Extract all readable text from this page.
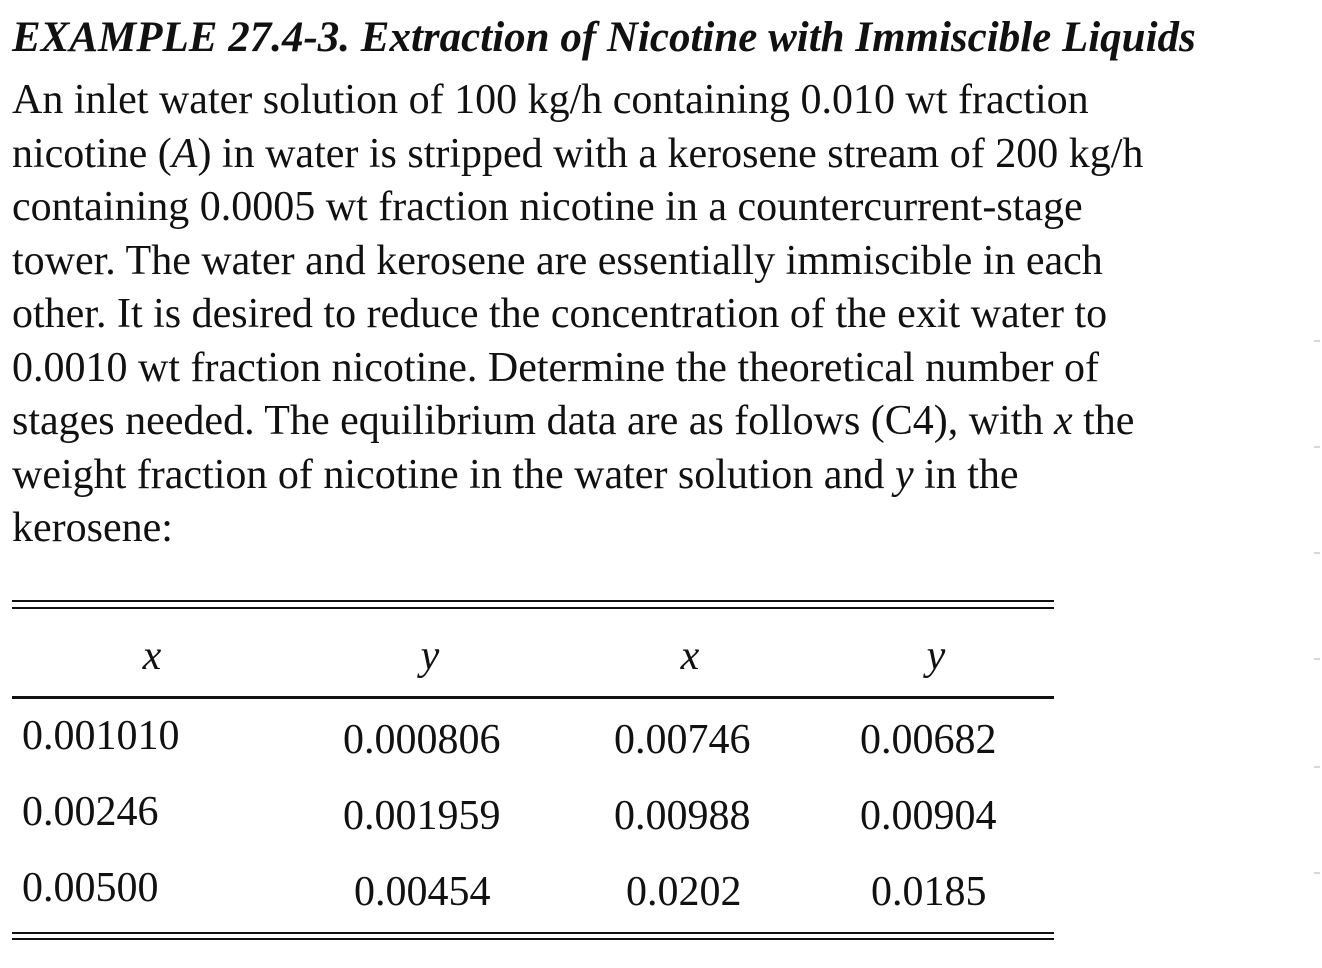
EXAMPLE 27.4-3. Extraction of Nicotine with Immiscible Liquids
An inlet water solution of 100 kg/h containing 0.010 wt fraction
nicotine (A) in water is stripped with a kerosene stream of 200 kg/h
containing 0.0005 wt fraction nicotine in a countercurrent-stage
tower. The water and kerosene are essentially immiscible in each
other. It is desired to reduce the concentration of the exit water to
0.0010 wt fraction nicotine. Determine the theoretical number of
stages needed. The equilibrium data are as follows (C4), with x the
weight fraction of nicotine in the water solution and y in the
kerosene:
x	y	x	y
0.001010	0.000806	0.00746	0.00682
0.00246	0.001959	0.00988	0.00904
0.00500	0.00454	0.0202	0.0185
